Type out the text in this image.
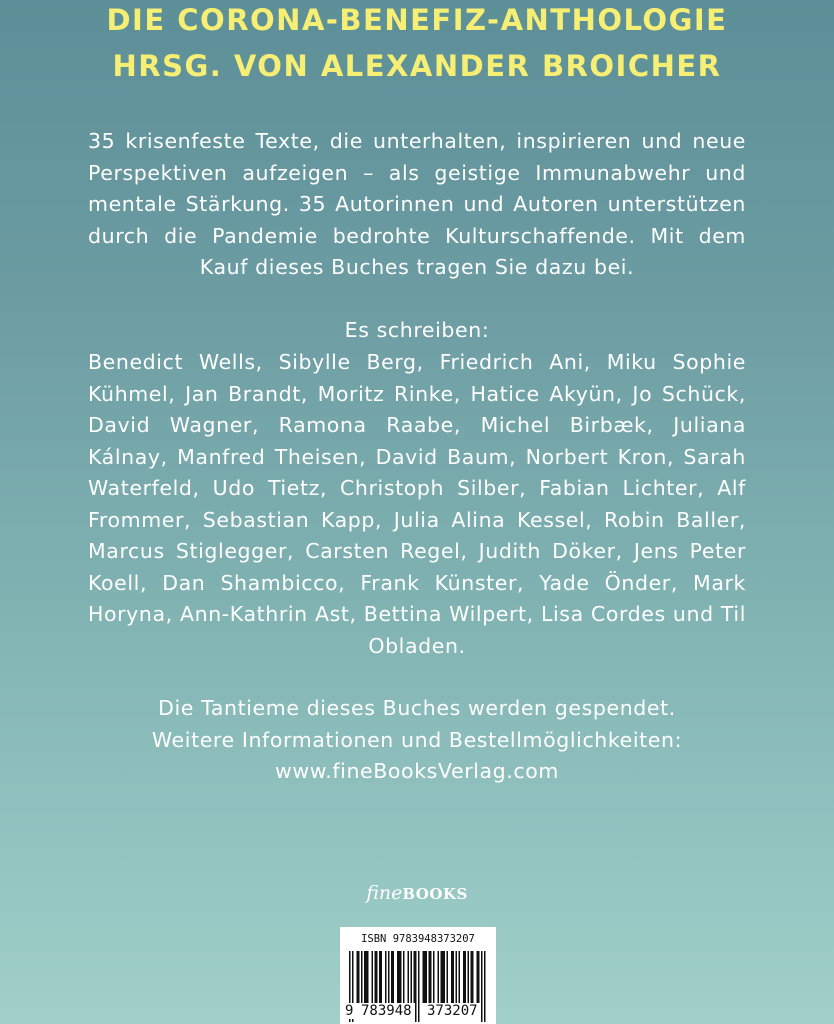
DIE CORONA-BENEFIZ-ANTHOLOGIE
HRSG. VON ALEXANDER BROICHER
35 krisenfeste Texte, die unterhalten, inspirieren und neue Perspektiven aufzeigen – als geistige Immunabwehr und mentale Stärkung. 35 Autorinnen und Autoren unterstützen durch die Pandemie bedrohte Kulturschaffende. Mit dem Kauf dieses Buches tragen Sie dazu bei.
Es schreiben:
Benedict Wells, Sibylle Berg, Friedrich Ani, Miku Sophie Kühmel, Jan Brandt, Moritz Rinke, Hatice Akyün, Jo Schück, David Wagner, Ramona Raabe, Michel Birbæk, Juliana Kálnay, Manfred Theisen, David Baum, Norbert Kron, Sarah Waterfeld, Udo Tietz, Christoph Silber, Fabian Lichter, Alf Frommer, Sebastian Kapp, Julia Alina Kessel, Robin Baller, Marcus Stiglegger, Carsten Regel, Judith Döker, Jens Peter Koell, Dan Shambicco, Frank Künster, Yade Önder, Mark Horyna, Ann-Kathrin Ast, Bettina Wilpert, Lisa Cordes und Til Obladen.
Die Tantieme dieses Buches werden gespendet.
Weitere Informationen und Bestellmöglichkeiten:
www.fineBooksVerlag.com
fineBOOKS
ISBN 9783948373207
9 783948 373207
